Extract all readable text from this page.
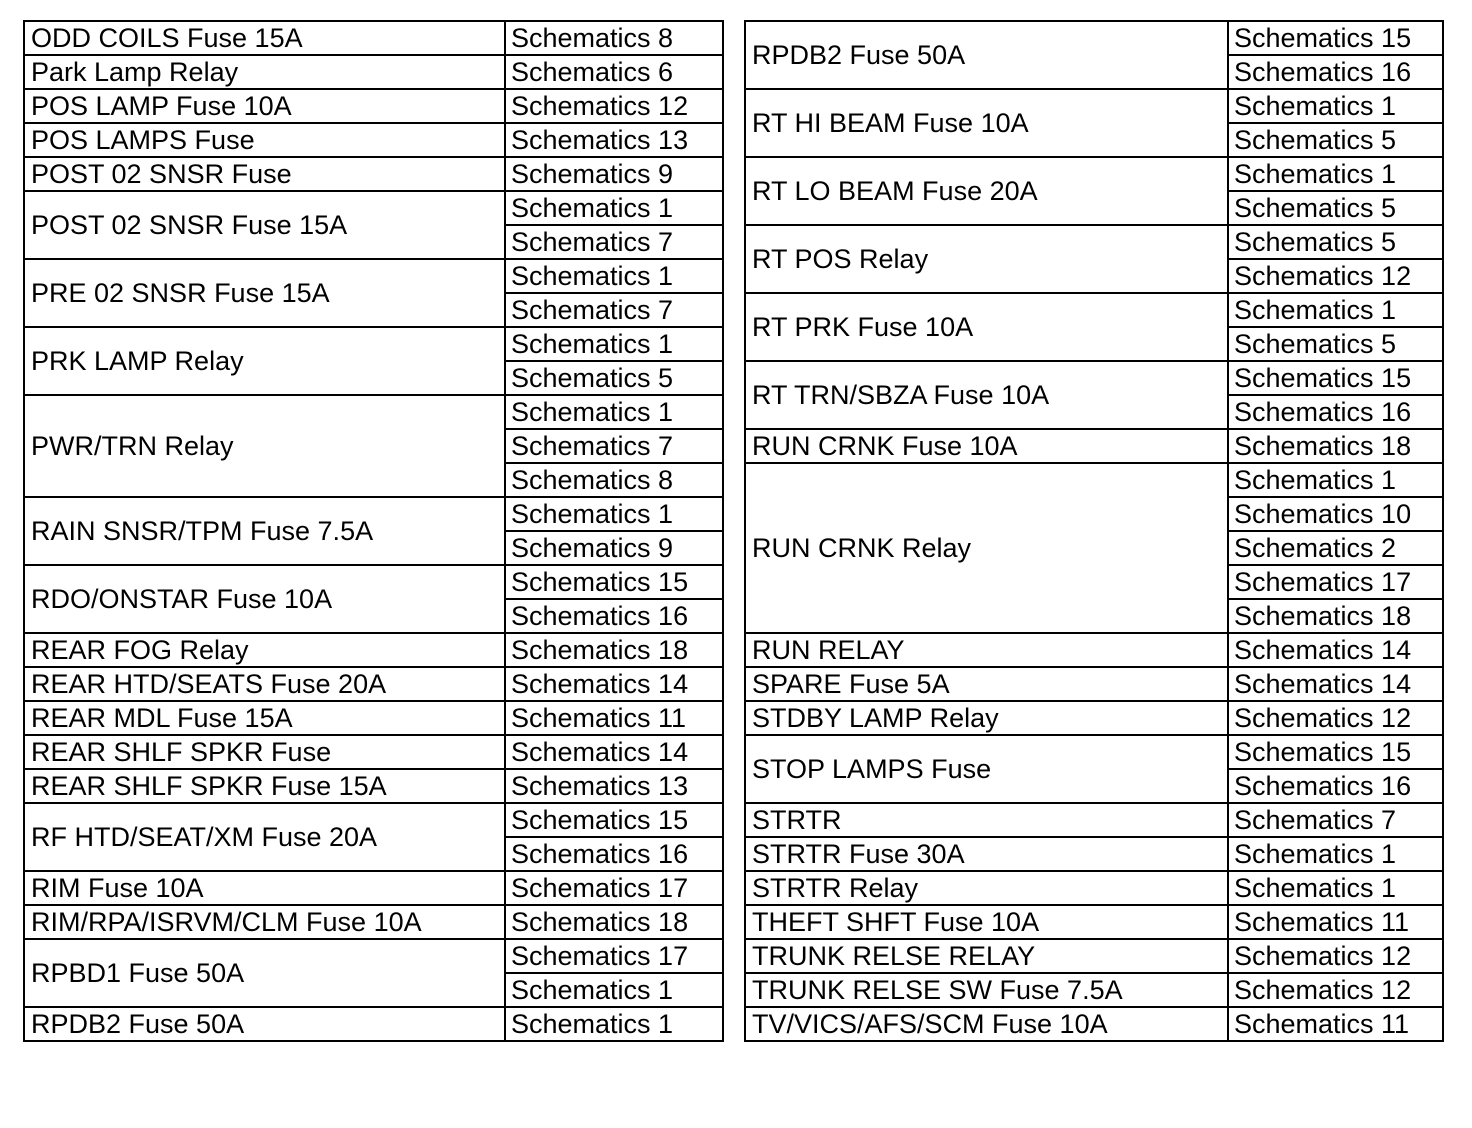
ODD COILS Fuse 15A	Schematics 8
Park Lamp Relay	Schematics 6
POS LAMP Fuse 10A	Schematics 12
POS LAMPS Fuse	Schematics 13
POST 02 SNSR Fuse	Schematics 9
POST 02 SNSR Fuse 15A	Schematics 1
	Schematics 7
PRE 02 SNSR Fuse 15A	Schematics 1
	Schematics 7
PRK LAMP Relay	Schematics 1
	Schematics 5
PWR/TRN Relay	Schematics 1
	Schematics 7
	Schematics 8
RAIN SNSR/TPM Fuse 7.5A	Schematics 1
	Schematics 9
RDO/ONSTAR Fuse 10A	Schematics 15
	Schematics 16
REAR FOG Relay	Schematics 18
REAR HTD/SEATS Fuse 20A	Schematics 14
REAR MDL Fuse 15A	Schematics 11
REAR SHLF SPKR Fuse	Schematics 14
REAR SHLF SPKR Fuse 15A	Schematics 13
RF HTD/SEAT/XM Fuse 20A	Schematics 15
	Schematics 16
RIM Fuse 10A	Schematics 17
RIM/RPA/ISRVM/CLM Fuse 10A	Schematics 18
RPBD1 Fuse 50A	Schematics 17
	Schematics 1
RPDB2 Fuse 50A	Schematics 1
RPDB2 Fuse 50A	Schematics 15
	Schematics 16
RT HI BEAM Fuse 10A	Schematics 1
	Schematics 5
RT LO BEAM Fuse 20A	Schematics 1
	Schematics 5
RT POS Relay	Schematics 5
	Schematics 12
RT PRK Fuse 10A	Schematics 1
	Schematics 5
RT TRN/SBZA Fuse 10A	Schematics 15
	Schematics 16
RUN CRNK Fuse 10A	Schematics 18
RUN CRNK Relay	Schematics 1
	Schematics 10
	Schematics 2
	Schematics 17
	Schematics 18
RUN RELAY	Schematics 14
SPARE Fuse 5A	Schematics 14
STDBY LAMP Relay	Schematics 12
STOP LAMPS Fuse	Schematics 15
	Schematics 16
STRTR	Schematics 7
STRTR Fuse 30A	Schematics 1
STRTR Relay	Schematics 1
THEFT SHFT Fuse 10A	Schematics 11
TRUNK RELSE RELAY	Schematics 12
TRUNK RELSE SW Fuse 7.5A	Schematics 12
TV/VICS/AFS/SCM Fuse 10A	Schematics 11
